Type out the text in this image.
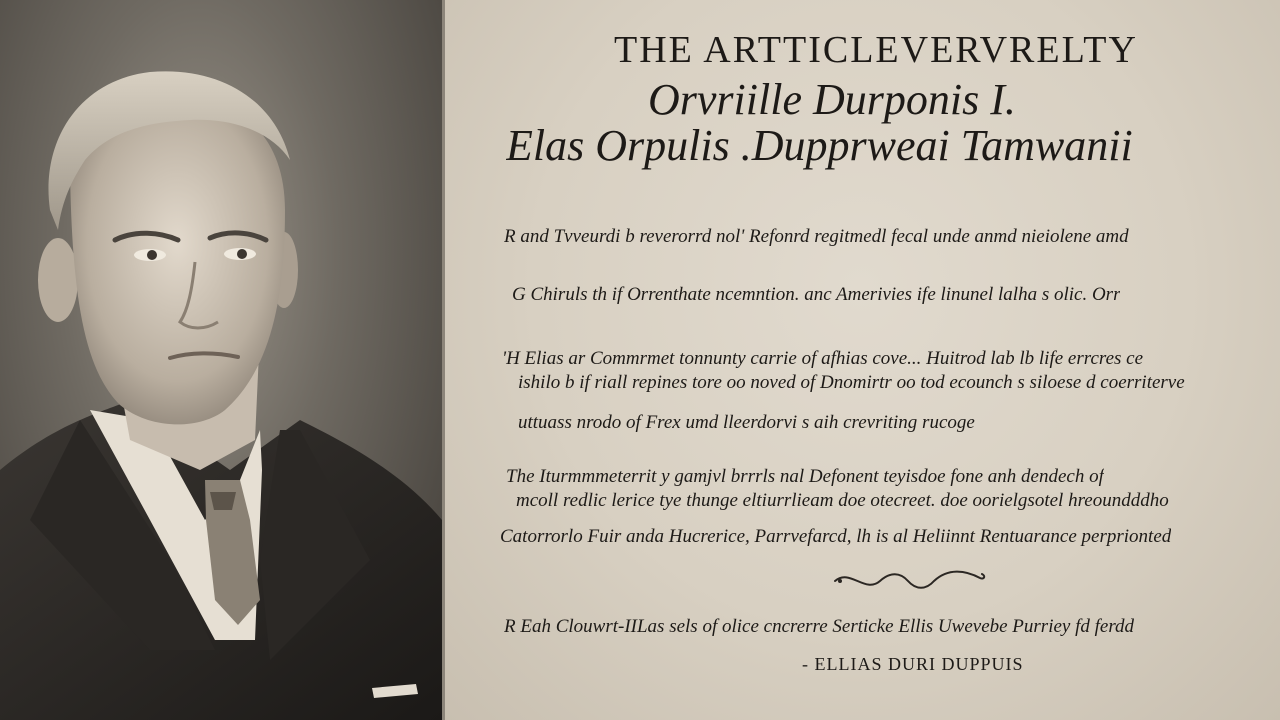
THE ARTTICLEVERVRELTY
Orvriille Durponis I.
Elas Orpulis .Dupprweai Tamwanii
R and Tvveurdi b reverorrd nol' Refonrd regitmedl fecal unde anmd nieiolene amd
G Chiruls th if Orrenthate ncemntion. anc Amerivies ife linunel lalha s olic. Orr
'H Elias ar Commrmet tonnunty carrie of afhias cove... Huitrod lab lb life errcres ce
ishilo b if riall repines tore oo noved of Dnomirtr oo tod ecounch s siloese d coerriterve
uttuass nrodo of Frex umd lleerdorvi s aih crevriting rucoge
The Iturmmmeterrit y gamjvl brrrls nal Defonent teyisdoe fone anh dendech of
mcoll redlic lerice tye thunge eltiurrlieam doe otecreet. doe oorielgsotel hreoundddho
Catorrorlo Fuir anda Hucrerice, Parrvefarcd, lh is al Heliinnt Rentuarance perprionted
R Eah Clouwrt-IILas sels of olice cncrerre Serticke Ellis Uwevebe Purriey fd ferdd
- ELLIAS DURI DUPPUIS
